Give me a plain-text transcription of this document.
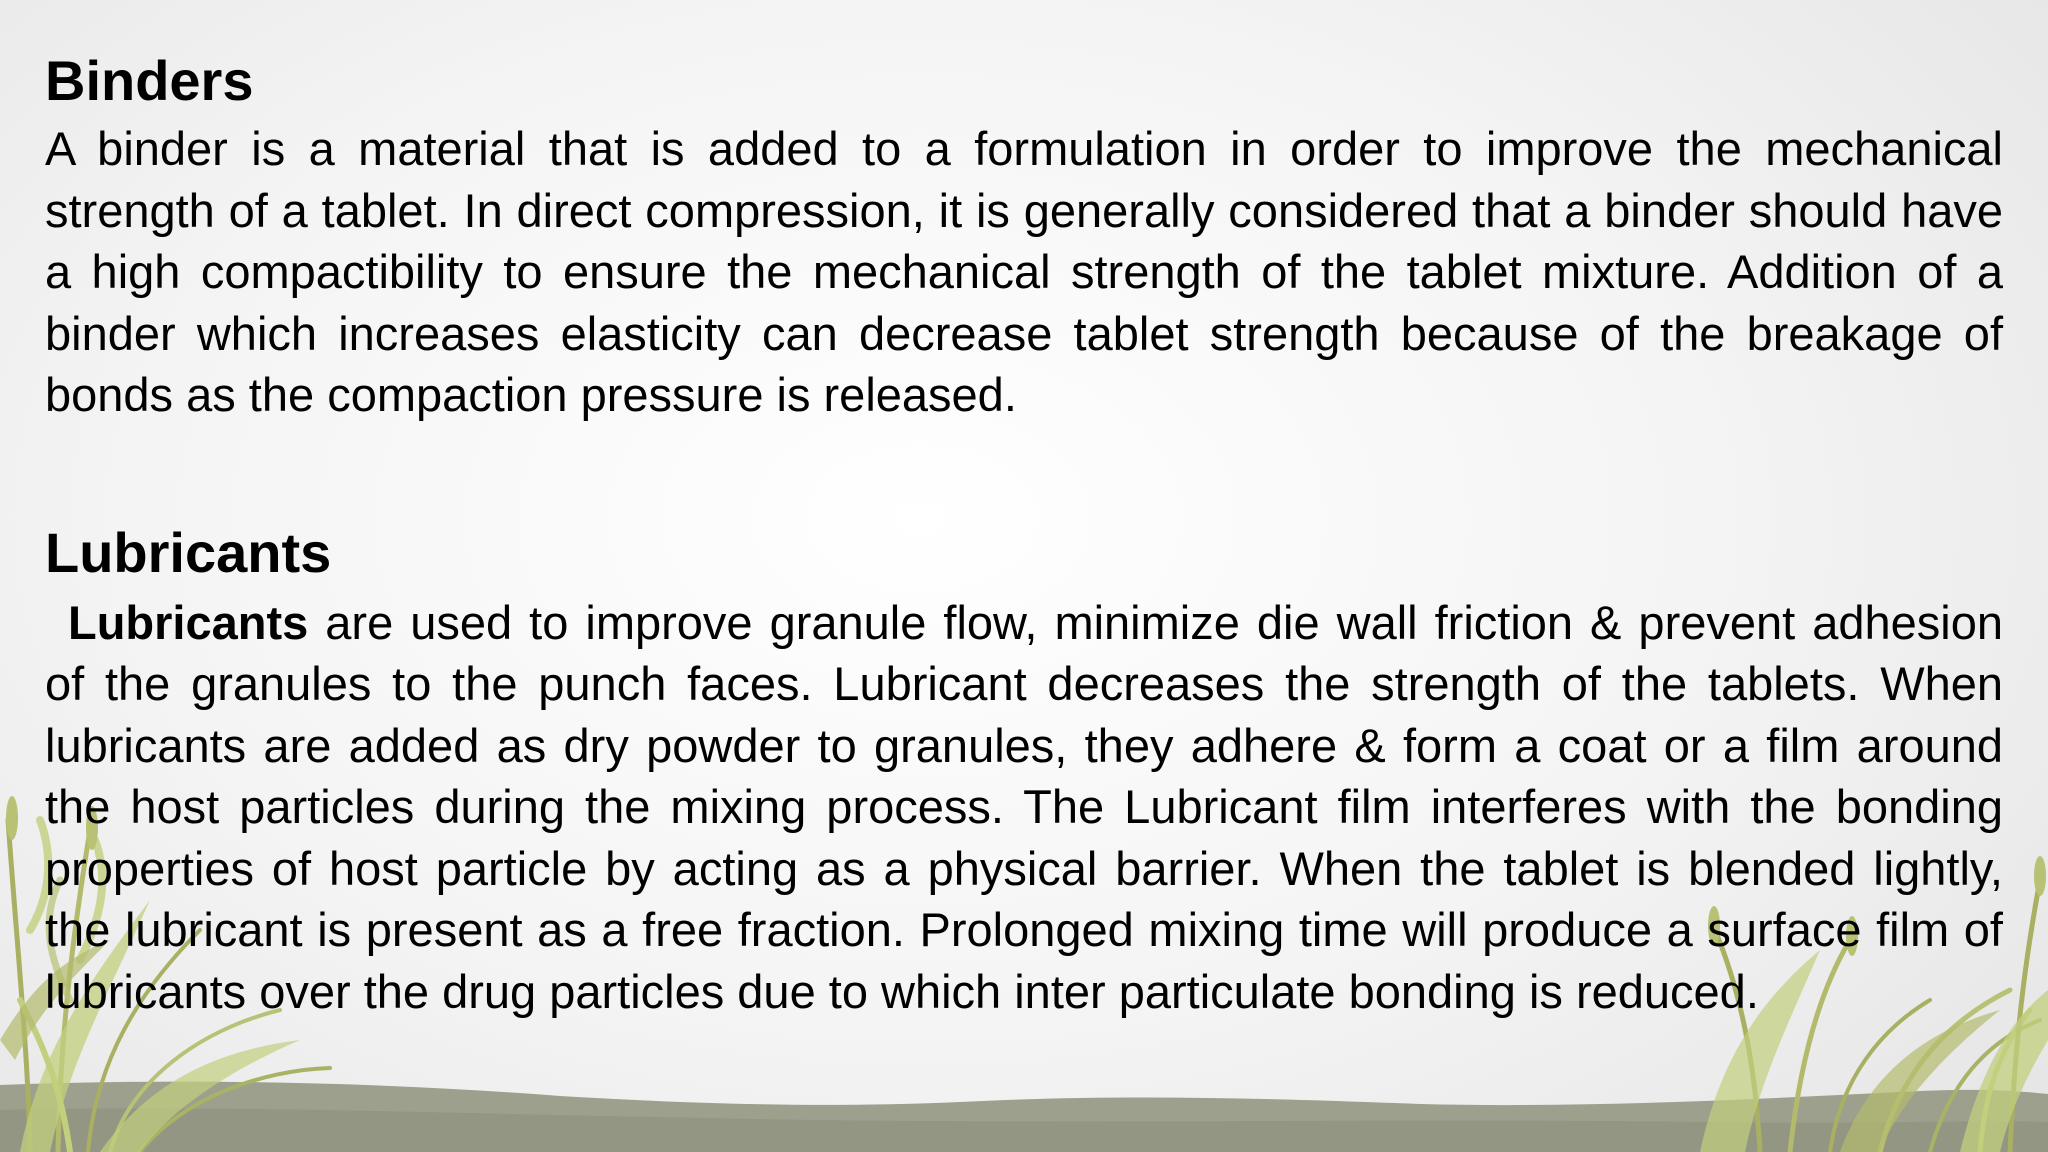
Binders

A binder is a material that is added to a formulation in order to improve the mechanical strength of a tablet. In direct compression, it is generally considered that a binder should have a high compactibility to ensure the mechanical strength of the tablet mixture. Addition of a binder which increases elasticity can decrease tablet strength because of the breakage of bonds as the compaction pressure is released.

Lubricants

Lubricants are used to improve granule flow, minimize die wall friction & prevent adhesion of the granules to the punch faces. Lubricant decreases the strength of the tablets. When lubricants are added as dry powder to granules, they adhere & form a coat or a film around the host particles during the mixing process. The Lubricant film interferes with the bonding properties of host particle by acting as a physical barrier. When the tablet is blended lightly, the lubricant is present as a free fraction. Prolonged mixing time will produce a surface film of lubricants over the drug particles due to which inter particulate bonding is reduced.
